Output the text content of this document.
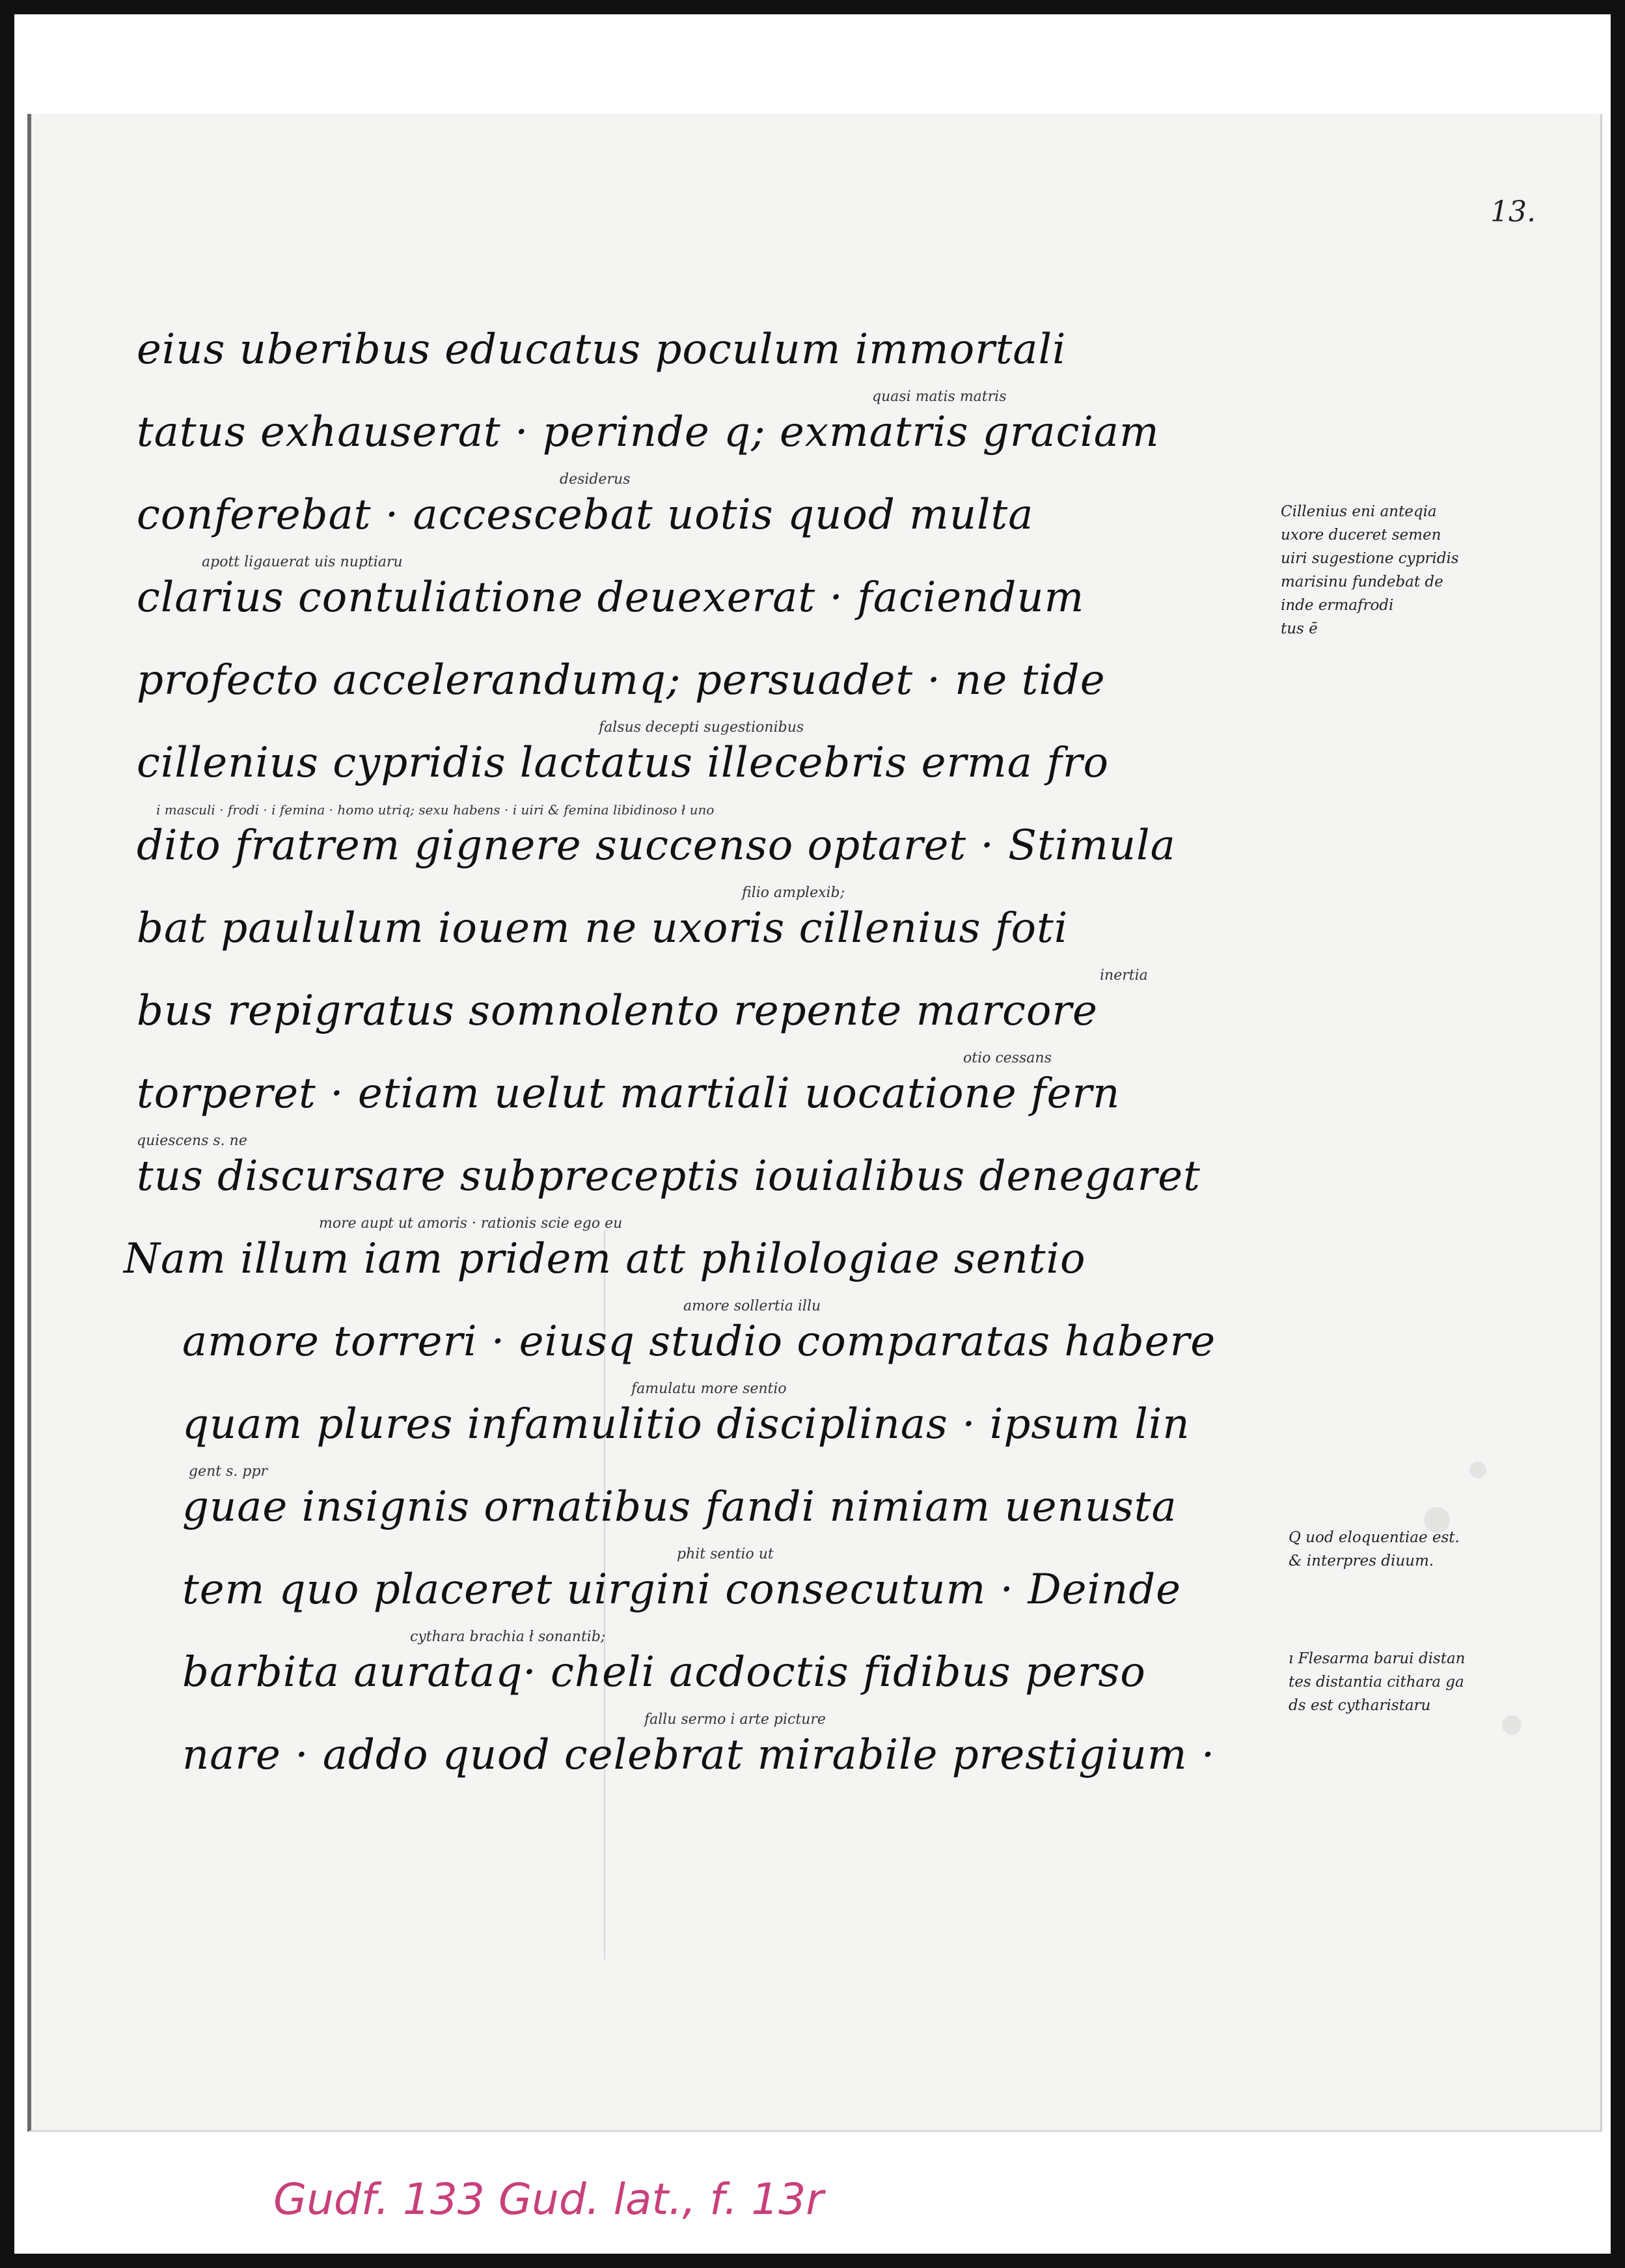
13.
eius uberibus educatus poculum immortali
quasi matis matris
tatus exhauserat · perinde q; exmatris graciam
desiderus
conferebat · accescebat uotis quod multa
apott ligauerat uis nuptiaru
clarius contuliatione deuexerat · faciendum
profecto accelerandumq; persuadet · ne tide
falsus decepti sugestionibus
cillenius cypridis lactatus illecebris erma fro
i masculi · frodi · i femina · homo utriq; sexu habens · i uiri & femina libidinoso ł uno
dito fratrem gignere succenso optaret · Stimula
filio amplexib;
bat paululum iouem ne uxoris cillenius foti
inertia
bus repigratus somnolento repente marcore
otio cessans
torperet · etiam uelut martiali uocatione fern
quiescens s. ne
tus discursare subpreceptis iouialibus denegaret
more aupt ut amoris · rationis scie ego eu
Nam illum iam pridem att philologiae sentio
amore sollertia illu
amore torreri · eiusq studio comparatas habere
famulatu more sentio
quam plures infamulitio disciplinas · ipsum lin
gent s. ppr
guae insignis ornatibus fandi nimiam uenusta
phit sentio ut
tem quo placeret uirgini consecutum · Deinde
cythara brachia ł sonantib;
barbita aurataq· cheli acdoctis fidibus perso
fallu sermo i arte picture
nare · addo quod celebrat mirabile prestigium ·
Cillenius eni anteqia
uxore duceret semen
uiri sugestione cypridis
marisinu fundebat de
inde ermafrodi
tus ē
Q uod eloquentiae est.
& interpres diuum.
ı Flesarma barui distan
tes distantia cithara ga
ds est cytharistaru
Gudf. 133 Gud. lat., f. 13r
